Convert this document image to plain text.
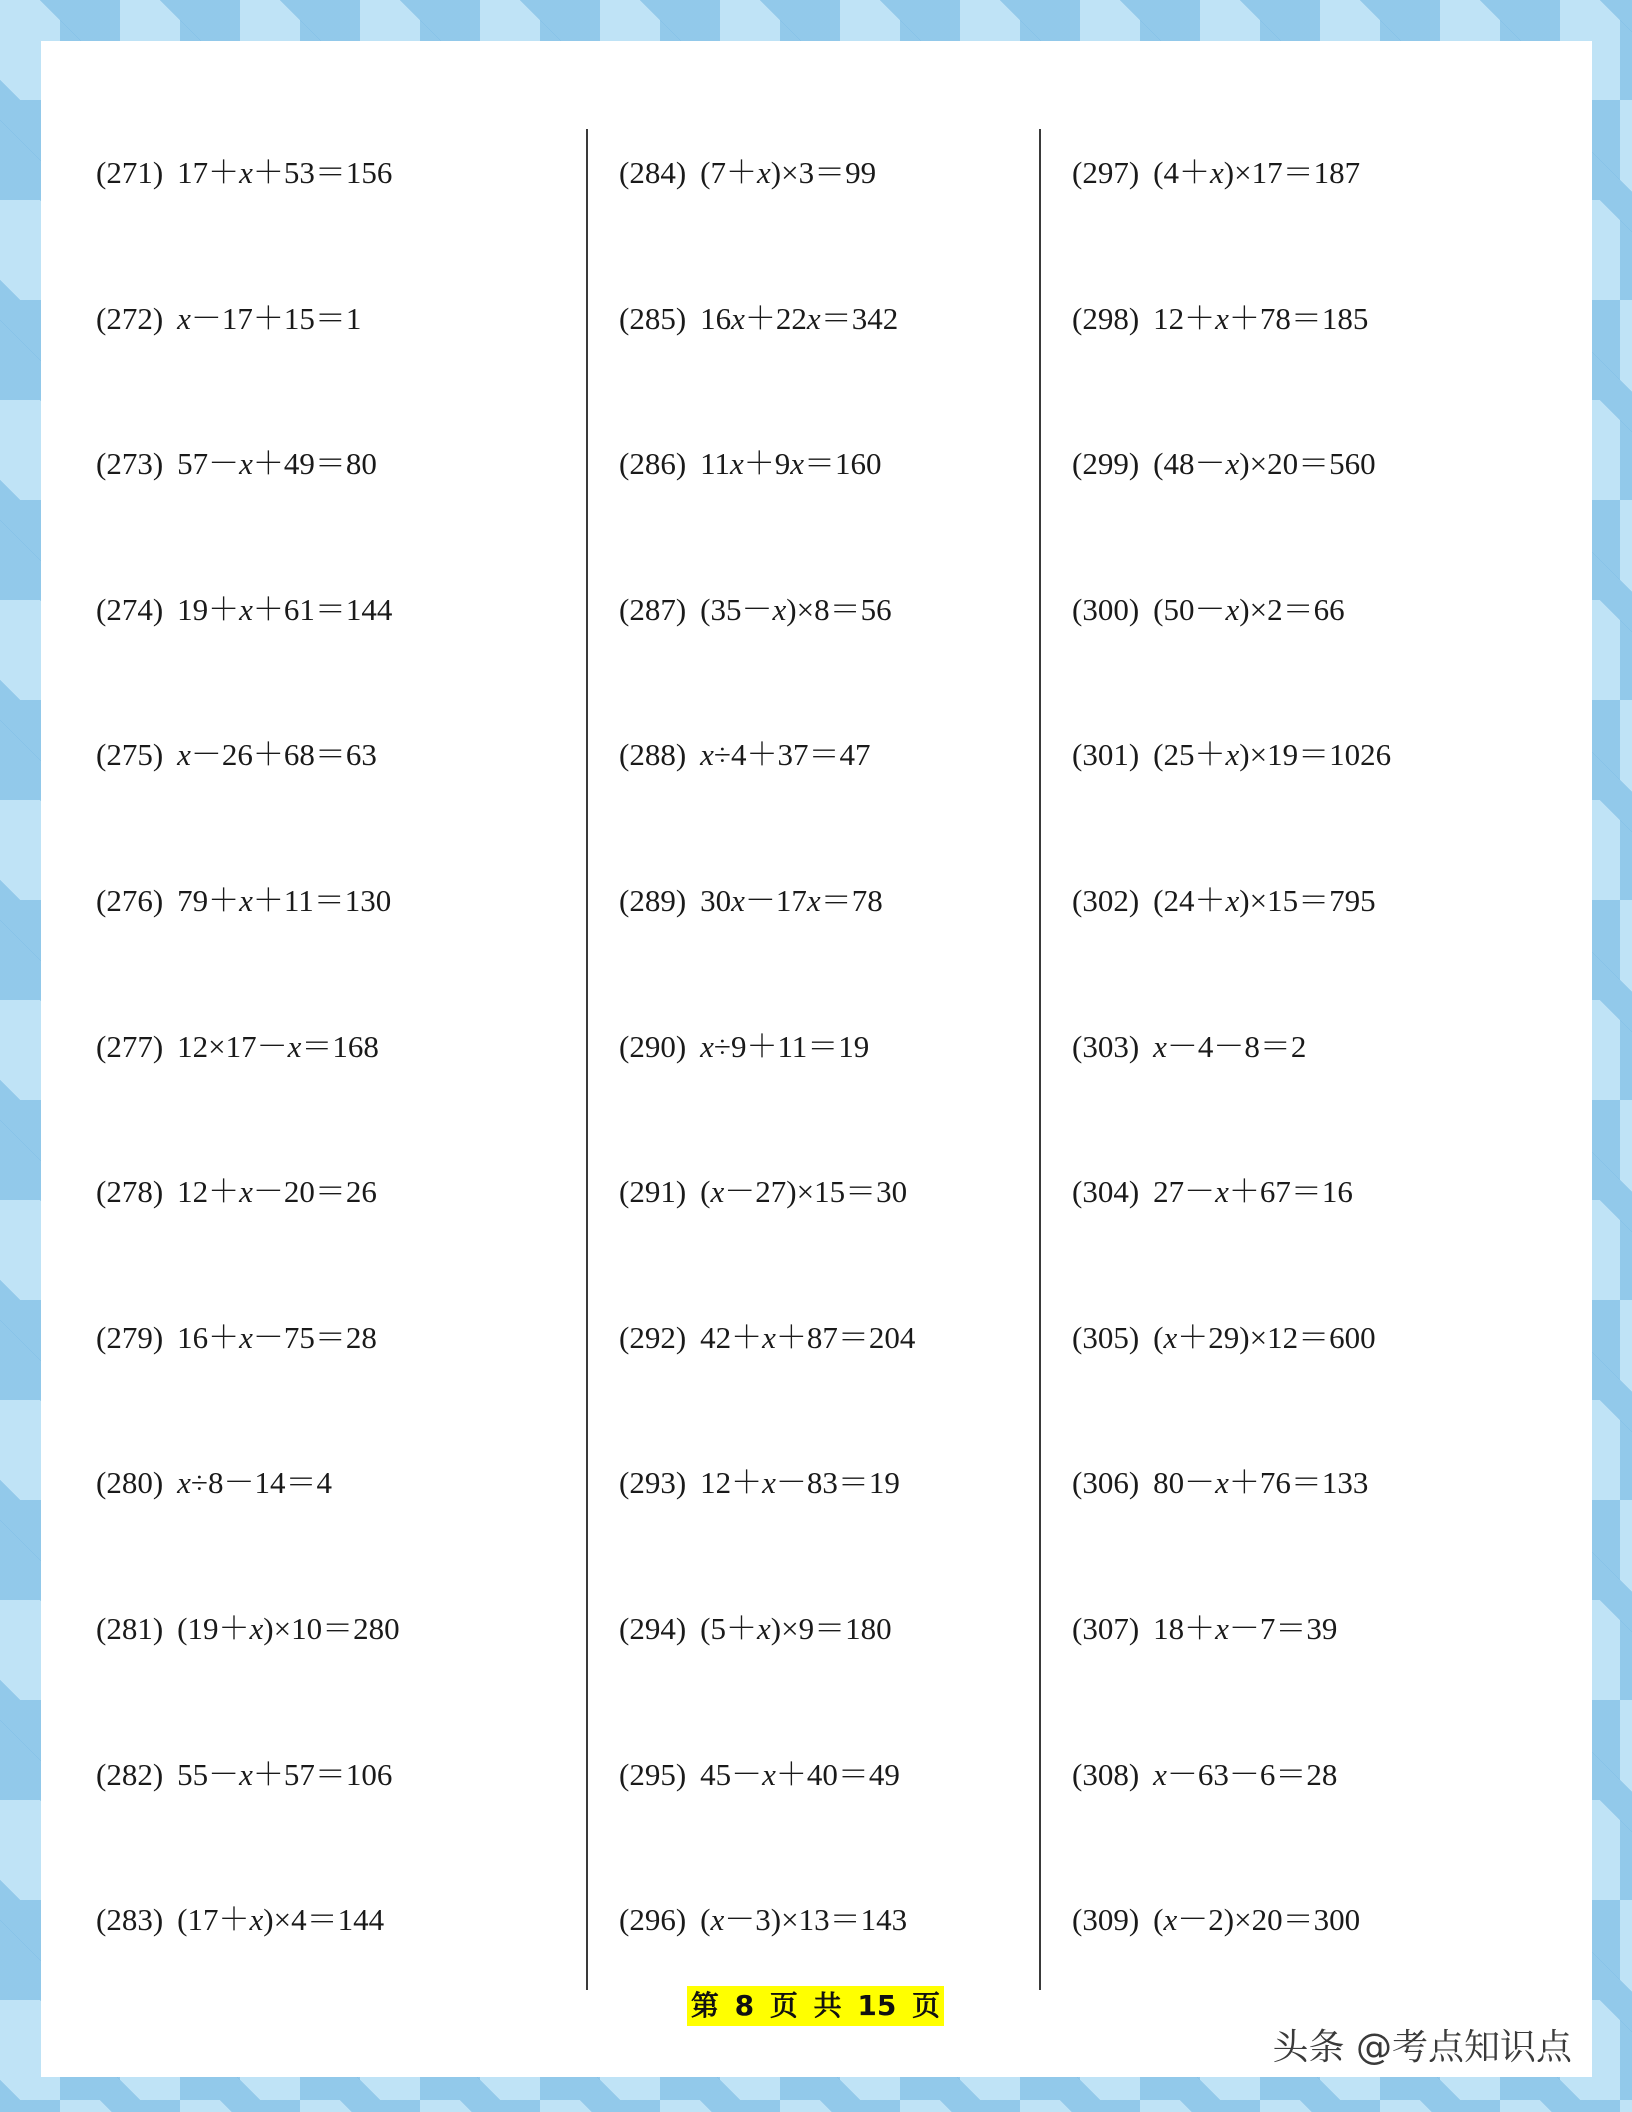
(271) 17＋x＋53＝156
(272) x－17＋15＝1
(273) 57－x＋49＝80
(274) 19＋x＋61＝144
(275) x－26＋68＝63
(276) 79＋x＋11＝130
(277) 12×17－x＝168
(278) 12＋x－20＝26
(279) 16＋x－75＝28
(280) x÷8－14＝4
(281) (19＋x)×10＝280
(282) 55－x＋57＝106
(283) (17＋x)×4＝144
(284) (7＋x)×3＝99
(285) 16x＋22x＝342
(286) 11x＋9x＝160
(287) (35－x)×8＝56
(288) x÷4＋37＝47
(289) 30x－17x＝78
(290) x÷9＋11＝19
(291) (x－27)×15＝30
(292) 42＋x＋87＝204
(293) 12＋x－83＝19
(294) (5＋x)×9＝180
(295) 45－x＋40＝49
(296) (x－3)×13＝143
(297) (4＋x)×17＝187
(298) 12＋x＋78＝185
(299) (48－x)×20＝560
(300) (50－x)×2＝66
(301) (25＋x)×19＝1026
(302) (24＋x)×15＝795
(303) x－4－8＝2
(304) 27－x＋67＝16
(305) (x＋29)×12＝600
(306) 80－x＋76＝133
(307) 18＋x－7＝39
(308) x－63－6＝28
(309) (x－2)×20＝300
第 8 页 共 15 页
头条 @考点知识点
